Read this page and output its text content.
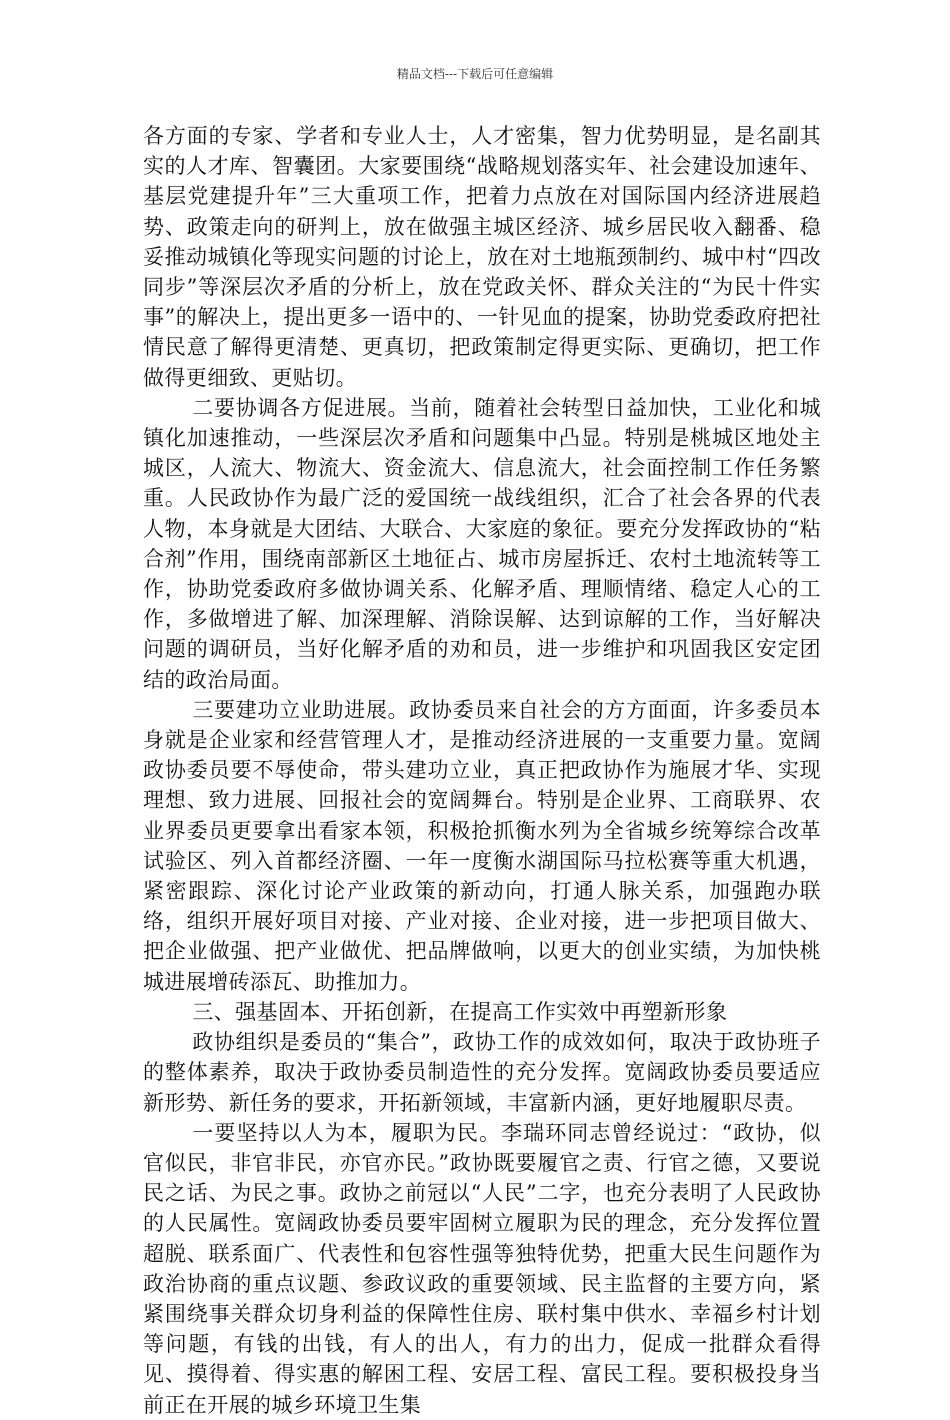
精品文档---下载后可任意编辑

各方面的专家、学者和专业人士，人才密集，智力优势明显，是名副其实的人才库、智囊团。大家要围绕“战略规划落实年、社会建设加速年、基层党建提升年”三大重项工作，把着力点放在对国际国内经济进展趋势、政策走向的研判上，放在做强主城区经济、城乡居民收入翻番、稳妥推动城镇化等现实问题的讨论上，放在对土地瓶颈制约、城中村“四改同步”等深层次矛盾的分析上，放在党政关怀、群众关注的“为民十件实事”的解决上，提出更多一语中的、一针见血的提案，协助党委政府把社情民意了解得更清楚、更真切，把政策制定得更实际、更确切，把工作做得更细致、更贴切。

二要协调各方促进展。当前，随着社会转型日益加快，工业化和城镇化加速推动，一些深层次矛盾和问题集中凸显。特别是桃城区地处主城区，人流大、物流大、资金流大、信息流大，社会面控制工作任务繁重。人民政协作为最广泛的爱国统一战线组织，汇合了社会各界的代表人物，本身就是大团结、大联合、大家庭的象征。要充分发挥政协的“粘合剂”作用，围绕南部新区土地征占、城市房屋拆迁、农村土地流转等工作，协助党委政府多做协调关系、化解矛盾、理顺情绪、稳定人心的工作，多做增进了解、加深理解、消除误解、达到谅解的工作，当好解决问题的调研员，当好化解矛盾的劝和员，进一步维护和巩固我区安定团结的政治局面。

三要建功立业助进展。政协委员来自社会的方方面面，许多委员本身就是企业家和经营管理人才，是推动经济进展的一支重要力量。宽阔政协委员要不辱使命，带头建功立业，真正把政协作为施展才华、实现理想、致力进展、回报社会的宽阔舞台。特别是企业界、工商联界、农业界委员更要拿出看家本领，积极抢抓衡水列为全省城乡统筹综合改革试验区、列入首都经济圈、一年一度衡水湖国际马拉松赛等重大机遇，紧密跟踪、深化讨论产业政策的新动向，打通人脉关系，加强跑办联络，组织开展好项目对接、产业对接、企业对接，进一步把项目做大、把企业做强、把产业做优、把品牌做响，以更大的创业实绩，为加快桃城进展增砖添瓦、助推加力。

三、强基固本、开拓创新，在提高工作实效中再塑新形象

政协组织是委员的“集合”，政协工作的成效如何，取决于政协班子的整体素养，取决于政协委员制造性的充分发挥。宽阔政协委员要适应新形势、新任务的要求，开拓新领域，丰富新内涵，更好地履职尽责。

一要坚持以人为本，履职为民。李瑞环同志曾经说过：“政协，似官似民，非官非民，亦官亦民。”政协既要履官之责、行官之德，又要说民之话、为民之事。政协之前冠以“人民”二字，也充分表明了人民政协的人民属性。宽阔政协委员要牢固树立履职为民的理念，充分发挥位置超脱、联系面广、代表性和包容性强等独特优势，把重大民生问题作为政治协商的重点议题、参政议政的重要领域、民主监督的主要方向，紧紧围绕事关群众切身利益的保障性住房、联村集中供水、幸福乡村计划等问题，有钱的出钱，有人的出人，有力的出力，促成一批群众看得见、摸得着、得实惠的解困工程、安居工程、富民工程。要积极投身当前正在开展的城乡环境卫生集
